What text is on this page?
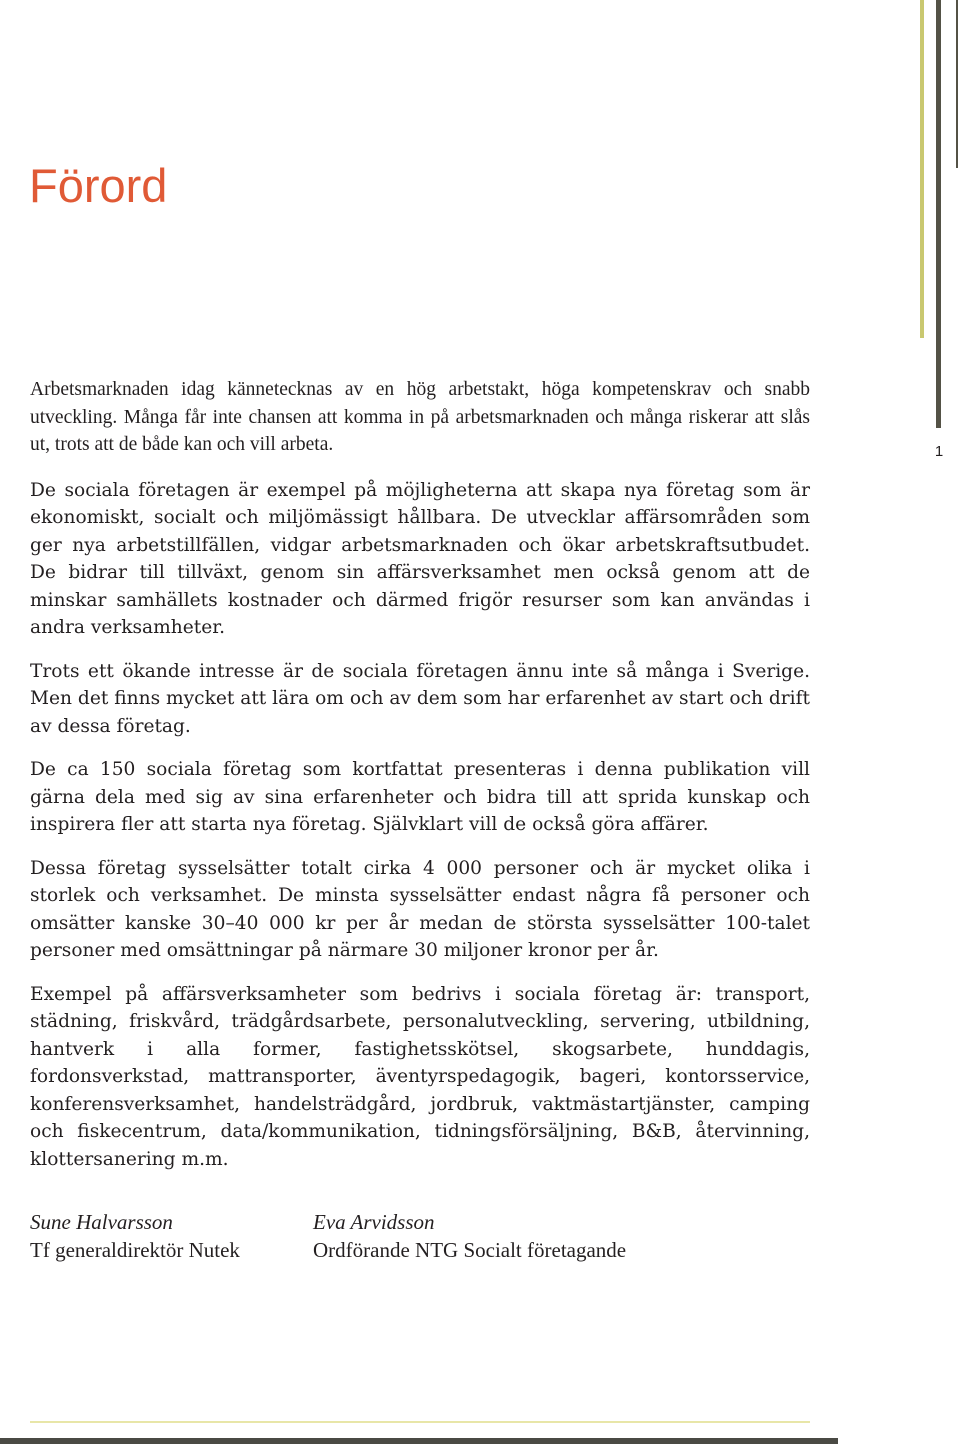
1
Förord

Arbetsmarknaden idag kännetecknas av en hög arbetstakt, höga kompetenskrav och snabb utveckling. Många får inte chansen att komma in på arbetsmarknaden och många riskerar att slås ut, trots att de både kan och vill arbeta.

De sociala företagen är exempel på möjligheterna att skapa nya företag som är ekonomiskt, socialt och miljömässigt hållbara. De utvecklar affärsområden som ger nya arbetstillfällen, vidgar arbetsmarknaden och ökar arbetskraftsutbudet. De bidrar till tillväxt, genom sin affärsverksamhet men också genom att de minskar samhällets kostnader och därmed frigör resurser som kan användas i andra verksamheter.

Trots ett ökande intresse är de sociala företagen ännu inte så många i Sverige. Men det finns mycket att lära om och av dem som har erfarenhet av start och drift av dessa företag.

De ca 150 sociala företag som kortfattat presenteras i denna publikation vill gärna dela med sig av sina erfarenheter och bidra till att sprida kunskap och inspirera fler att starta nya företag. Självklart vill de också göra affärer.

Dessa företag sysselsätter totalt cirka 4 000 personer och är mycket olika i storlek och verksamhet. De minsta sysselsätter endast några få personer och omsätter kanske 30–40 000 kr per år medan de största sysselsätter 100-talet personer med omsättningar på närmare 30 miljoner kronor per år.

Exempel på affärsverksamheter som bedrivs i sociala företag är: transport, städning, friskvård, trädgårdsarbete, personalutveckling, servering, utbildning, hantverk i alla former, fastighetsskötsel, skogsarbete, hunddagis, fordonsverkstad, mattransporter, äventyrspedagogik, bageri, kontorsservice, konferensverksamhet, handelsträdgård, jordbruk, vaktmästartjänster, camping och fiskecentrum, data/kommunikation, tidningsförsäljning, B&B, återvinning, klottersanering m.m.

Sune Halvarsson
Tf generaldirektör Nutek
Eva Arvidsson
Ordförande NTG Socialt företagande
